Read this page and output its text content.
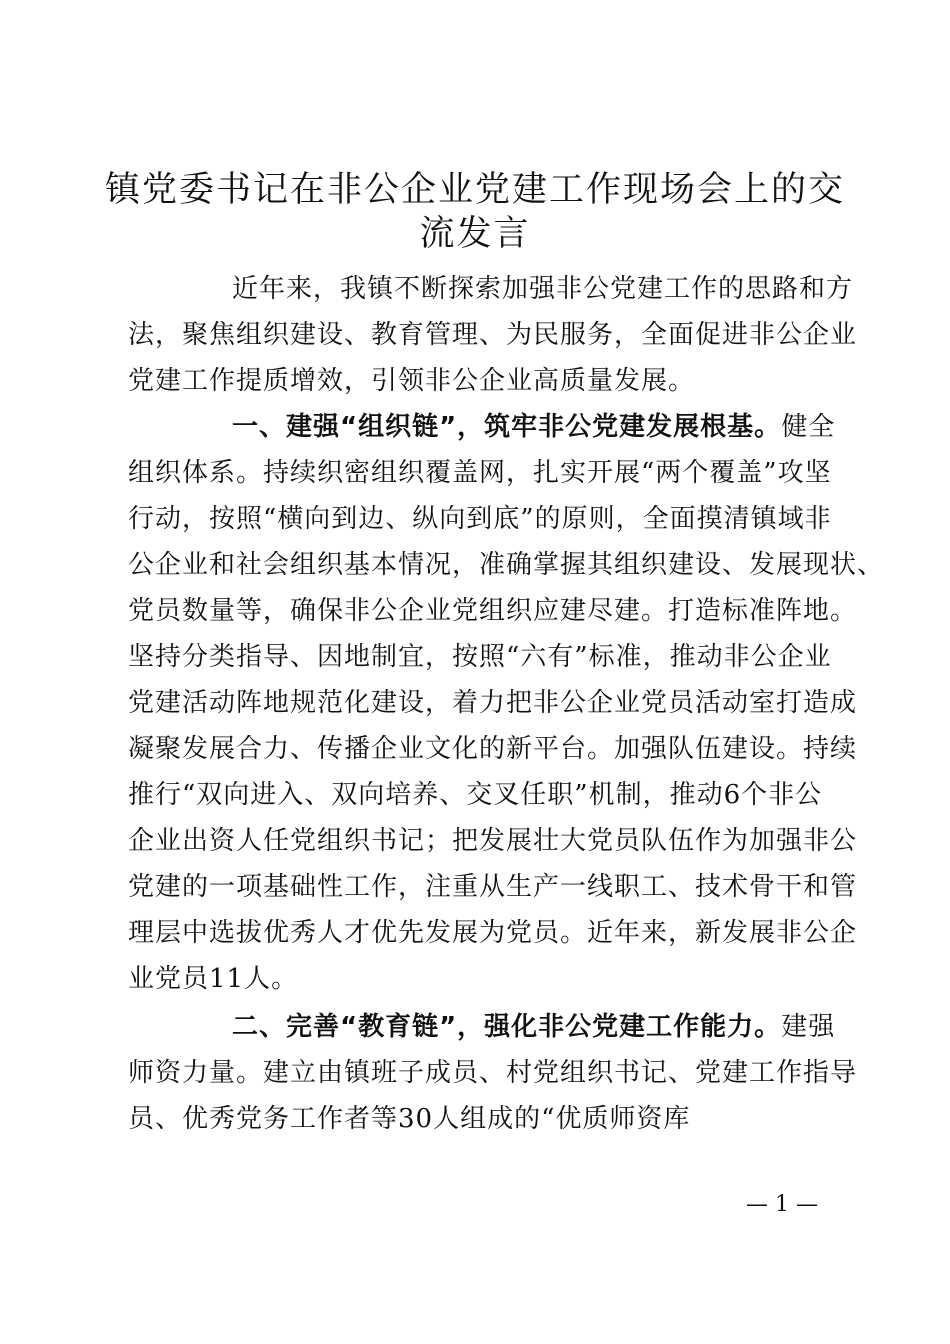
镇党委书记在非公企业党建工作现场会上的交
流发言
近年来，我镇不断探索加强非公党建工作的思路和方
法，聚焦组织建设、教育管理、为民服务，全面促进非公企业
党建工作提质增效，引领非公企业高质量发展。
一、建强“组织链”，筑牢非公党建发展根基。健全
组织体系。持续织密组织覆盖网，扎实开展“两个覆盖”攻坚
行动，按照“横向到边、纵向到底”的原则，全面摸清镇域非
公企业和社会组织基本情况，准确掌握其组织建设、发展现状、
党员数量等，确保非公企业党组织应建尽建。打造标准阵地。
坚持分类指导、因地制宜，按照“六有”标准，推动非公企业
党建活动阵地规范化建设，着力把非公企业党员活动室打造成
凝聚发展合力、传播企业文化的新平台。加强队伍建设。持续
推行“双向进入、双向培养、交叉任职”机制，推动6个非公
企业出资人任党组织书记；把发展壮大党员队伍作为加强非公
党建的一项基础性工作，注重从生产一线职工、技术骨干和管
理层中选拔优秀人才优先发展为党员。近年来，新发展非公企
业党员11人。
二、完善“教育链”，强化非公党建工作能力。建强
师资力量。建立由镇班子成员、村党组织书记、党建工作指导
员、优秀党务工作者等30人组成的“优质师资库
— 1 —
